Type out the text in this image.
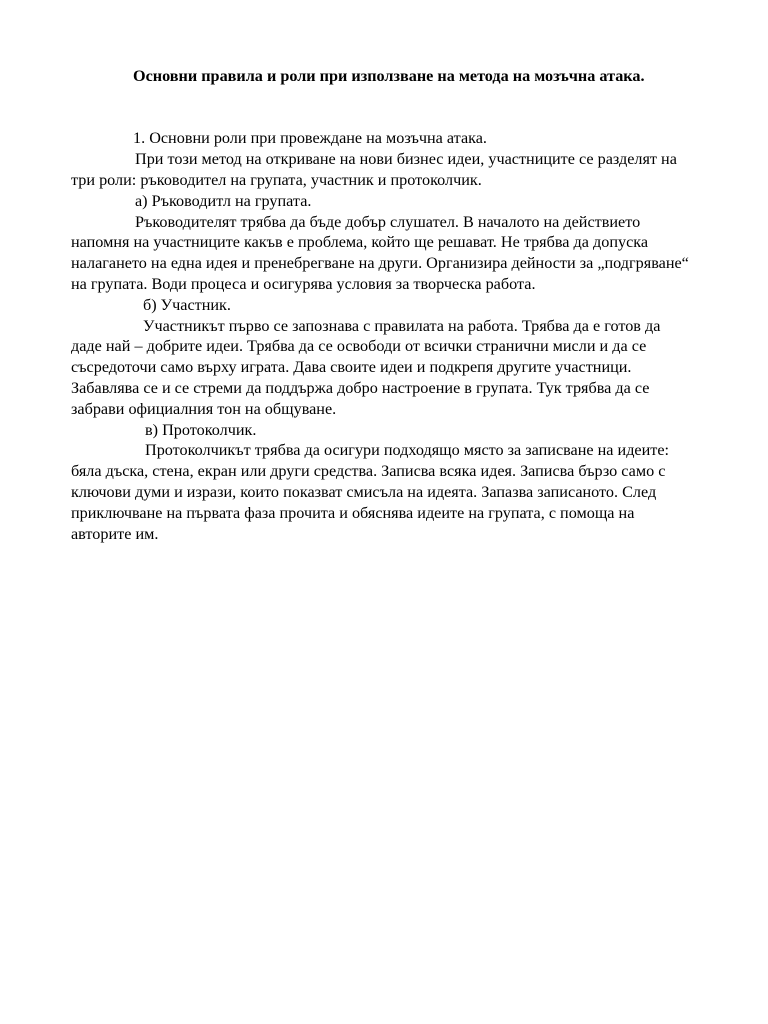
Основни правила и роли при използване на метода на мозъчна атака.

1. Основни роли при провеждане на мозъчна атака.

При този метод на откриване на нови бизнес идеи, участниците се разделят на три роли: ръководител на групата, участник и протоколчик.

а) Ръководитл на групата.

Ръководителят трябва да бъде добър слушател. В началото на действието напомня на участниците какъв е проблема, който ще решават. Не трябва да допуска налагането на една идея и пренебрегване на други. Организира дейности за „подгряване“ на групата. Води процеса и осигурява условия за творческа работа.

б) Участник.

Участникът първо се запознава с правилата на работа. Трябва да е готов да даде най – добрите идеи. Трябва да се освободи от всички странични мисли и да се съсредоточи само върху играта. Дава своите идеи и подкрепя другите участници. Забавлява се и се стреми да поддържа добро настроение в групата. Тук трябва да се забрави официалния тон на общуване.

в) Протоколчик.

Протоколчикът трябва да осигури подходящо място за записване на идеите: бяла дъска, стена, екран или други средства. Записва всяка идея. Записва бързо само с ключови думи и изрази, които показват смисъла на идеята. Запазва записаното. След приключване на първата фаза прочита и обяснява идеите на групата, с помоща на авторите им.
